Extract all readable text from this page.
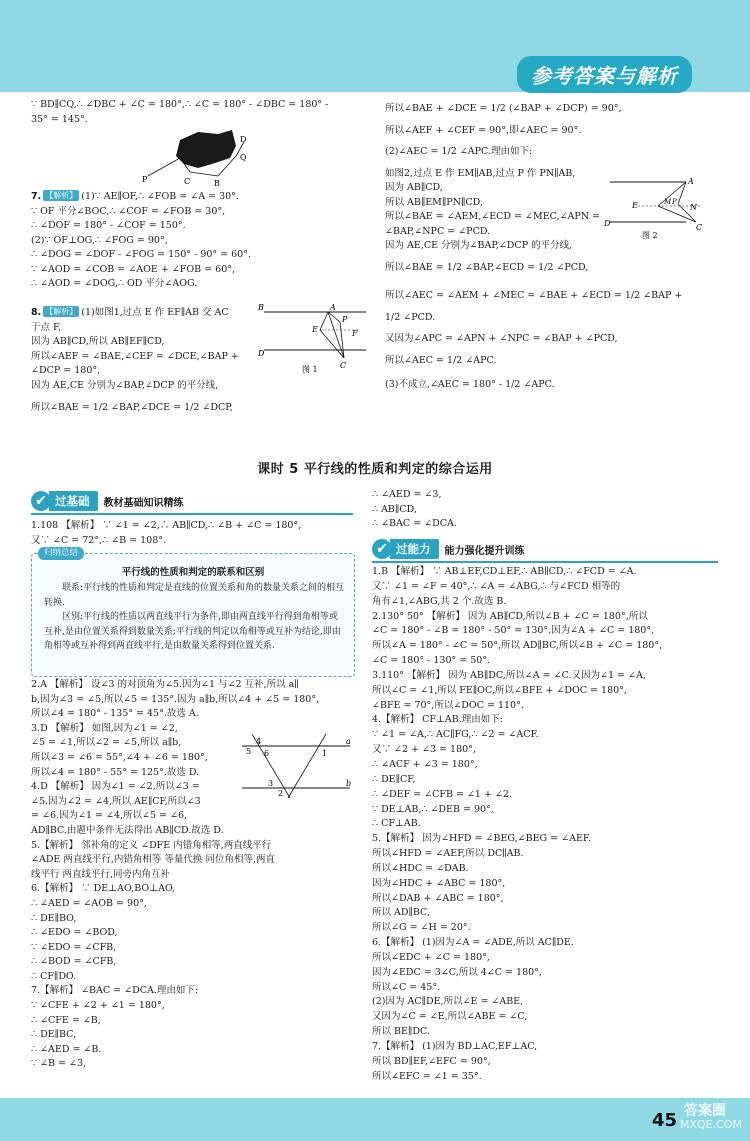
参考答案与解析
∵ BD∥CQ,∴ ∠DBC + ∠C = 180°,∴ ∠C = 180° - ∠DBC = 180° -
35° = 145°.
P	C	B
Q
D
7. 【解析】 (1)∵ AE∥OF,∴ ∠FOB = ∠A = 30°.
∵ OF 平分∠BOC,∴ ∠COF = ∠FOB = 30°,
∴ ∠DOF = 180° - ∠COF = 150°.
(2)∵ OF⊥OG,∴ ∠FOG = 90°,
∴ ∠DOG = ∠DOF - ∠FOG = 150° - 90° = 60°.
∵ ∠AOD = ∠COB = ∠AOE + ∠FOB = 60°,
∴ ∠AOD = ∠DOG,∴ OD 平分∠AOG.
8. 【解析】 (1)如图1,过点 E 作 EF∥AB 交 AC
于点 F,
因为 AB∥CD,所以 AB∥EF∥CD,
所以∠AEF = ∠BAE,∠CEF = ∠DCE,∠BAP +
∠DCP = 180°,
因为 AE,CE 分别为∠BAP,∠DCP 的平分线,
所以∠BAE = 1/2 ∠BAP,∠DCE = 1/2 ∠DCP,
B	A
P
E	F
D
C
图 1
所以∠BAE + ∠DCE = 1/2 (∠BAP + ∠DCP) = 90°,
所以∠AEF + ∠CEF = 90°,即∠AEC = 90°.
(2)∠AEC = 1/2 ∠APC.理由如下:
如图2,过点 E 作 EM∥AB,过点 P 作 PN∥AB,
因为 AB∥CD,
所以 AB∥EM∥PN∥CD,
所以∠BAE = ∠AEM,∠ECD = ∠MEC,∠APN =
∠BAP,∠NPC = ∠PCD.
因为 AE,CE 分别为∠BAP,∠DCP 的平分线,
所以∠BAE = 1/2 ∠BAP,∠ECD = 1/2 ∠PCD,
所以∠AEC = ∠AEM + ∠MEC = ∠BAE + ∠ECD = 1/2 ∠BAP +
1/2 ∠PCD.
又因为∠APC = ∠APN + ∠NPC = ∠BAP + ∠PCD,
所以∠AEC = 1/2 ∠APC.
(3)不成立,∠AEC = 180° - 1/2 ∠APC.
A
E	M P
N
D	C
图 2
课时 5 平行线的性质和判定的综合运用
✔ 过基础	教材基础知识精练
1.108 【解析】 ∵ ∠1 = ∠2,∴ AB∥CD,∴ ∠B + ∠C = 180°,
又∵ ∠C = 72°,∴ ∠B = 108°.
归纳总结
平行线的性质和判定的联系和区别
联系:平行线的性质和判定是直线的位置关系和角的数量关系之间的相互转换.
区别:平行线的性质以两直线平行为条件,即由两直线平行得到角相等或互补,是由位置关系得到数量关系;平行线的判定以角相等或互补为结论,即由角相等或互补得到两直线平行,是由数量关系得到位置关系.
2.A 【解析】 设∠3 的对顶角为∠5.因为∠1 与∠2 互补,所以 a∥
b,因为∠3 = ∠5,所以∠5 = 135°.因为 a∥b,所以∠4 + ∠5 = 180°,
所以∠4 = 180° - 135° = 45°.故选 A.
3.D 【解析】 如图,因为∠1 = ∠2,
∠5 = ∠1,所以∠2 = ∠5,所以 a∥b,
所以∠3 = ∠6 = 55°,∠4 + ∠6 = 180°,
所以∠4 = 180° - 55° = 125°.故选 D.
4.D 【解析】 因为∠1 = ∠2,所以∠3 =
∠5.因为∠2 = ∠4,所以 AE∥CF,所以∠3
= ∠6.因为∠1 = ∠4,所以∠5 = ∠6,
AD∥BC.由题中条件无法得出 AB∥CD.故选 D.
5.【解析】 邻补角的定义 ∠DFE 内错角相等,两直线平行
∠ADE 两直线平行,内错角相等 等量代换 同位角相等,两直
线平行 两直线平行,同旁内角互补
6.【解析】 ∵ DE⊥AO,BO⊥AO,
∴ ∠AED = ∠AOB = 90°,
∴ DE∥BO,
∴ ∠EDO = ∠BOD,
∵ ∠EDO = ∠CFB,
∴ ∠BOD = ∠CFB,
∴ CF∥DO.
7.【解析】 ∠BAC = ∠DCA.理由如下:
∵ ∠CFE + ∠2 + ∠1 = 180°,
∴ ∠CFE = ∠B,
∴ DE∥BC,
∴ ∠AED = ∠B.
∵ ∠B = ∠3,
4
5 6
3
2
1
a
b
∴ ∠AED = ∠3,
∴ AB∥CD,
∴ ∠BAC = ∠DCA.
✔ 过能力	能力强化提升训练
1.B 【解析】 ∵ AB⊥EF,CD⊥EF,∴ AB∥CD,∴ ∠FCD = ∠A.
又∵ ∠1 = ∠F = 40°,∴ ∠A = ∠ABG,∴ 与∠FCD 相等的
角有∠1,∠ABG,共 2 个.故选 B.
2.130° 50° 【解析】 因为 AB∥CD,所以∠B + ∠C = 180°,所以
∠C = 180° - ∠B = 180° - 50° = 130°.因为∠A + ∠C = 180°,
所以∠A = 180° - ∠C = 50°,所以 AD∥BC,所以∠B + ∠C = 180°,
∠C = 180° - 130° = 50°.
3.110° 【解析】 因为 AB∥DC,所以∠A = ∠C.又因为∠1 = ∠A,
所以∠C = ∠1,所以 FE∥OC,所以∠BFE + ∠DOC = 180°,
∠BFE = 70°,所以∠DOC = 110°.
4.【解析】 CF⊥AB.理由如下:
∵ ∠1 = ∠A,∴ AC∥FG,∴ ∠2 = ∠ACF.
又∵ ∠2 + ∠3 = 180°,
∴ ∠ACF + ∠3 = 180°,
∴ DE∥CF,
∴ ∠DEF = ∠CFB = ∠1 + ∠2.
∵ DE⊥AB,∴ ∠DEB = 90°,
∴ CF⊥AB.
5.【解析】 因为∠HFD = ∠BEG,∠BEG = ∠AEF.
所以∠HFD = ∠AEF,所以 DC∥AB.
所以∠HDC = ∠DAB.
因为∠HDC + ∠ABC = 180°,
所以∠DAB + ∠ABC = 180°,
所以 AD∥BC,
所以∠G = ∠H = 20°.
6.【解析】 (1)因为∠A = ∠ADE,所以 AC∥DE.
所以∠EDC + ∠C = 180°,
因为∠EDC = 3∠C,所以 4∠C = 180°,
所以∠C = 45°.
(2)因为 AC∥DE,所以∠E = ∠ABE,
又因为∠C = ∠E,所以∠ABE = ∠C,
所以 BE∥DC.
7.【解析】 (1)因为 BD⊥AC,EF⊥AC,
所以 BD∥EF,∠EFC = 90°,
所以∠EFC = ∠1 = 35°.
45 答案圈
MXQE.COM
